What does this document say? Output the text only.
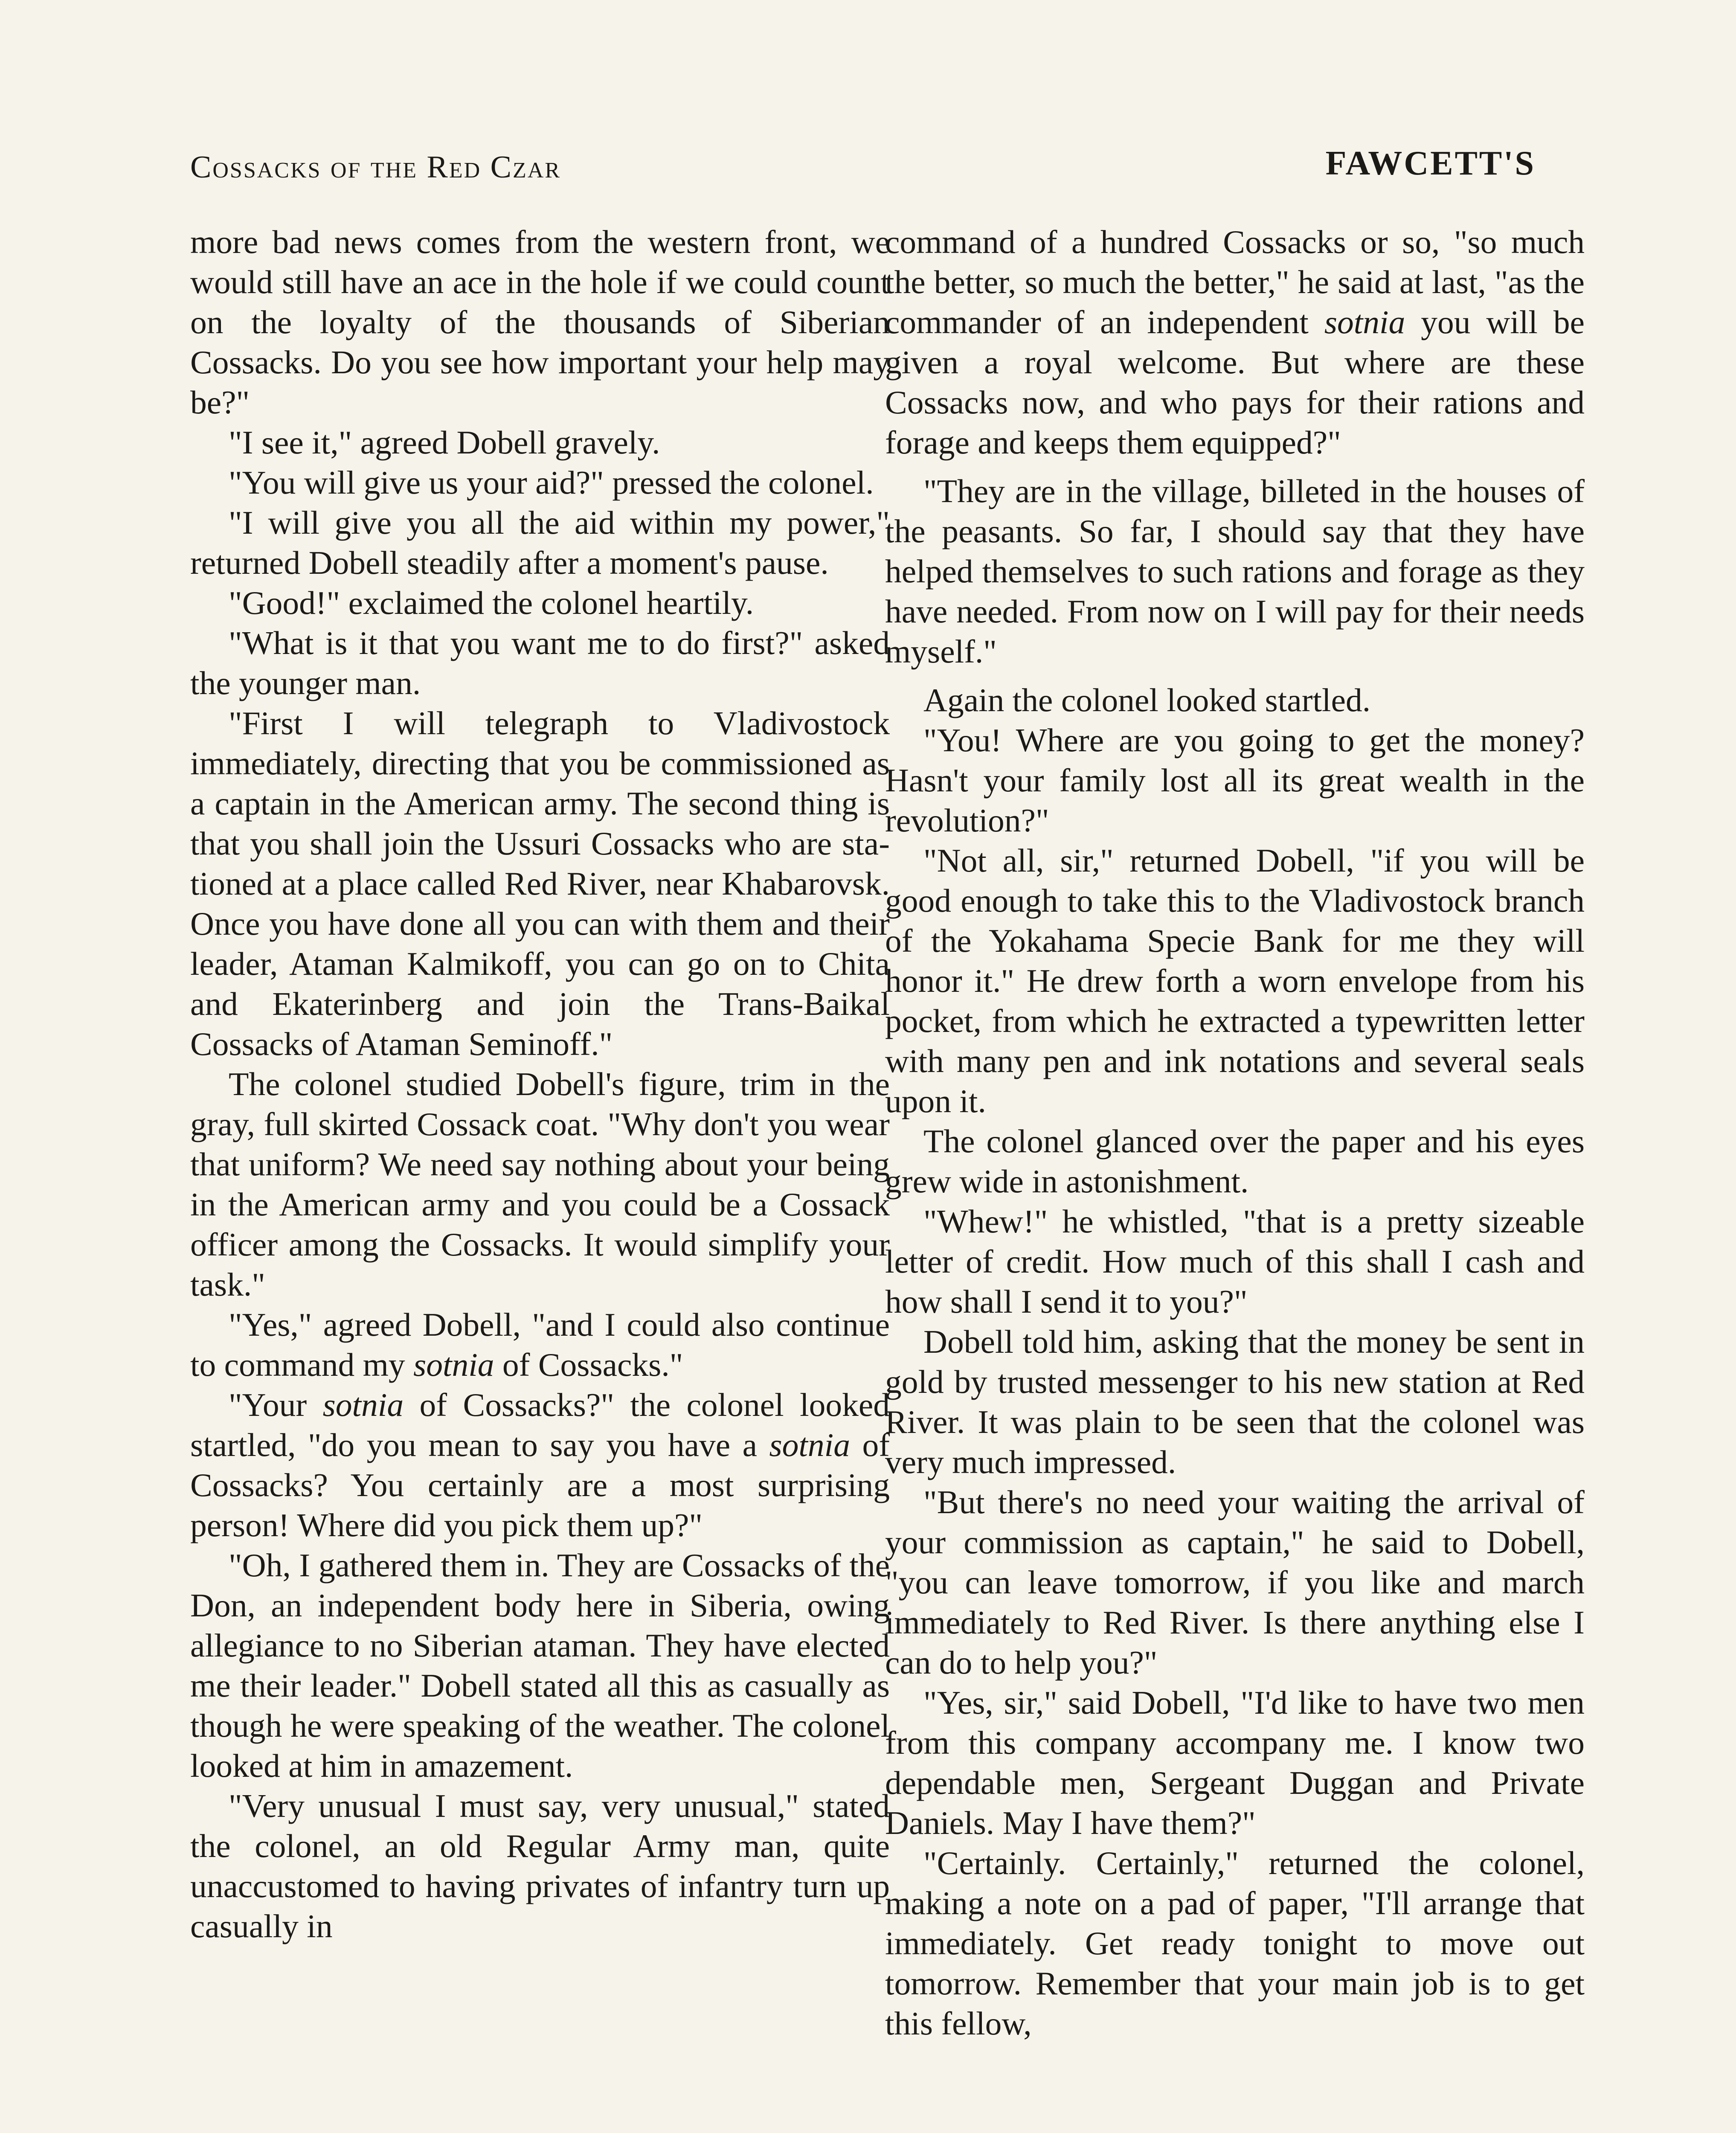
Cossacks of the Red Czar	FAWCETT'S

more bad news comes from the western front, we would still have an ace in the hole if we could count on the loyalty of the thousands of Siberian Cossacks. Do you see how important your help may be?"

"I see it," agreed Dobell gravely.

"You will give us your aid?" pressed the colonel.

"I will give you all the aid within my power," returned Dobell steadily after a moment's pause.

"Good!" exclaimed the colonel heartily.

"What is it that you want me to do first?" asked the younger man.

"First I will telegraph to Vladivostock immediately, directing that you be commissioned as a captain in the American army. The second thing is that you shall join the Ussuri Cossacks who are stationed at a place called Red River, near Khabarovsk. Once you have done all you can with them and their leader, Ataman Kalmikoff, you can go on to Chita and Ekaterinberg and join the Trans-Baikal Cossacks of Ataman Seminoff."

The colonel studied Dobell's figure, trim in the gray, full skirted Cossack coat. "Why don't you wear that uniform? We need say nothing about your being in the American army and you could be a Cossack officer among the Cossacks. It would simplify your task."

"Yes," agreed Dobell, "and I could also continue to command my sotnia of Cossacks."

"Your sotnia of Cossacks?" the colonel looked startled, "do you mean to say you have a sotnia of Cossacks? You certainly are a most surprising person! Where did you pick them up?"

"Oh, I gathered them in. They are Cossacks of the Don, an independent body here in Siberia, owing allegiance to no Siberian ataman. They have elected me their leader." Dobell stated all this as casually as though he were speaking of the weather. The colonel looked at him in amazement.

"Very unusual I must say, very unusual," stated the colonel, an old Regular Army man, quite unaccustomed to having privates of infantry turn up casually in

command of a hundred Cossacks or so, "so much the better, so much the better," he said at last, "as the commander of an independent sotnia you will be given a royal welcome. But where are these Cossacks now, and who pays for their rations and forage and keeps them equipped?"

"They are in the village, billeted in the houses of the peasants. So far, I should say that they have helped themselves to such rations and forage as they have needed. From now on I will pay for their needs myself."

Again the colonel looked startled.

"You! Where are you going to get the money? Hasn't your family lost all its great wealth in the revolution?"

"Not all, sir," returned Dobell, "if you will be good enough to take this to the Vladivostock branch of the Yokahama Specie Bank for me they will honor it." He drew forth a worn envelope from his pocket, from which he extracted a typewritten letter with many pen and ink notations and several seals upon it.

The colonel glanced over the paper and his eyes grew wide in astonishment.

"Whew!" he whistled, "that is a pretty sizeable letter of credit. How much of this shall I cash and how shall I send it to you?"

Dobell told him, asking that the money be sent in gold by trusted messenger to his new station at Red River. It was plain to be seen that the colonel was very much impressed.

"But there's no need your waiting the arrival of your commission as captain," he said to Dobell, "you can leave tomorrow, if you like and march immediately to Red River. Is there anything else I can do to help you?"

"Yes, sir," said Dobell, "I'd like to have two men from this company accompany me. I know two dependable men, Sergeant Duggan and Private Daniels. May I have them?"

"Certainly. Certainly," returned the colonel, making a note on a pad of paper, "I'll arrange that immediately. Get ready tonight to move out tomorrow. Remember that your main job is to get this fellow,
